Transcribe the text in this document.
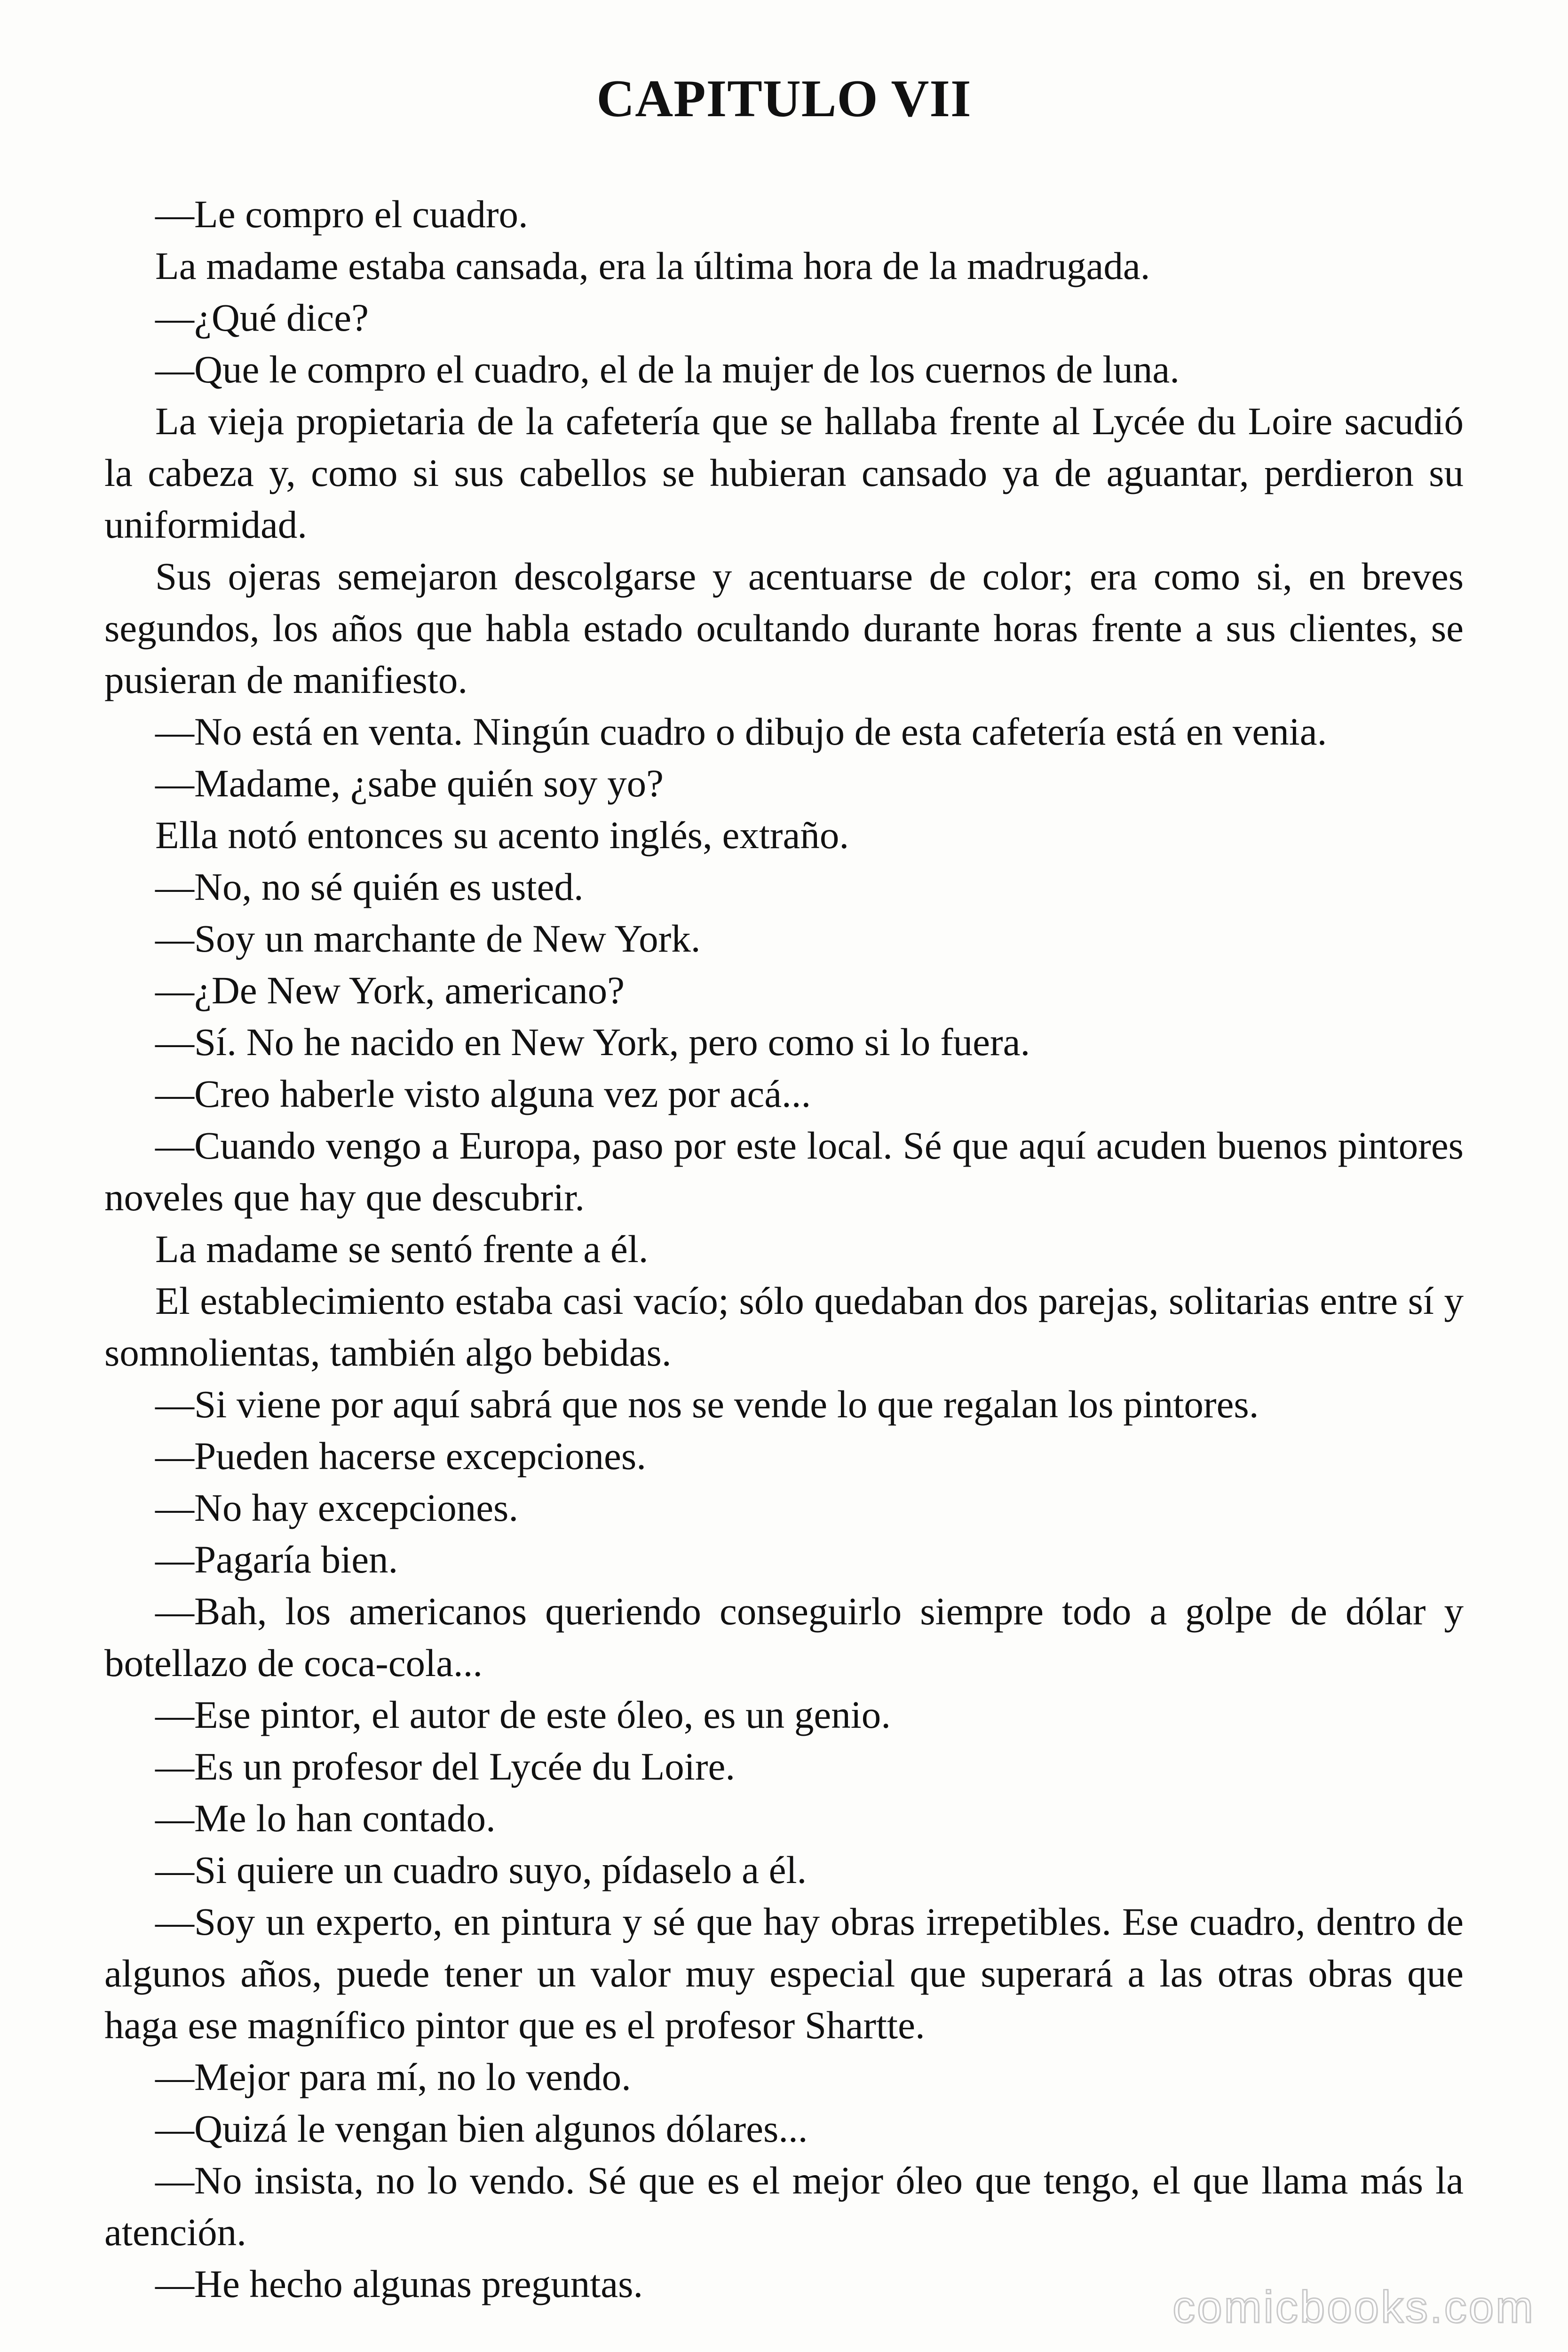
CAPITULO VII

—Le compro el cuadro.

La madame estaba cansada, era la última hora de la madrugada.

—¿Qué dice?

—Que le compro el cuadro, el de la mujer de los cuernos de luna.

La vieja propietaria de la cafetería que se hallaba frente al Lycée du Loire sacudió la cabeza y, como si sus cabellos se hubieran cansado ya de aguantar, perdieron su uniformidad.

Sus ojeras semejaron descolgarse y acentuarse de color; era como si, en breves segundos, los años que habla estado ocultando durante horas frente a sus clientes, se pusieran de manifiesto.

—No está en venta. Ningún cuadro o dibujo de esta cafetería está en venia.

—Madame, ¿sabe quién soy yo?

Ella notó entonces su acento inglés, extraño.

—No, no sé quién es usted.

—Soy un marchante de New York.

—¿De New York, americano?

—Sí. No he nacido en New York, pero como si lo fuera.

—Creo haberle visto alguna vez por acá...

—Cuando vengo a Europa, paso por este local. Sé que aquí acuden buenos pintores noveles que hay que descubrir.

La madame se sentó frente a él.

El establecimiento estaba casi vacío; sólo quedaban dos parejas, solitarias entre sí y somnolientas, también algo bebidas.

—Si viene por aquí sabrá que nos se vende lo que regalan los pintores.

—Pueden hacerse excepciones.

—No hay excepciones.

—Pagaría bien.

—Bah, los americanos queriendo conseguirlo siempre todo a golpe de dólar y botellazo de coca-cola...

—Ese pintor, el autor de este óleo, es un genio.

—Es un profesor del Lycée du Loire.

—Me lo han contado.

—Si quiere un cuadro suyo, pídaselo a él.

—Soy un experto, en pintura y sé que hay obras irrepetibles. Ese cuadro, dentro de algunos años, puede tener un valor muy especial que superará a las otras obras que haga ese magnífico pintor que es el profesor Shartte.

—Mejor para mí, no lo vendo.

—Quizá le vengan bien algunos dólares...

—No insista, no lo vendo. Sé que es el mejor óleo que tengo, el que llama más la atención.

—He hecho algunas preguntas.	comicbooks.com
